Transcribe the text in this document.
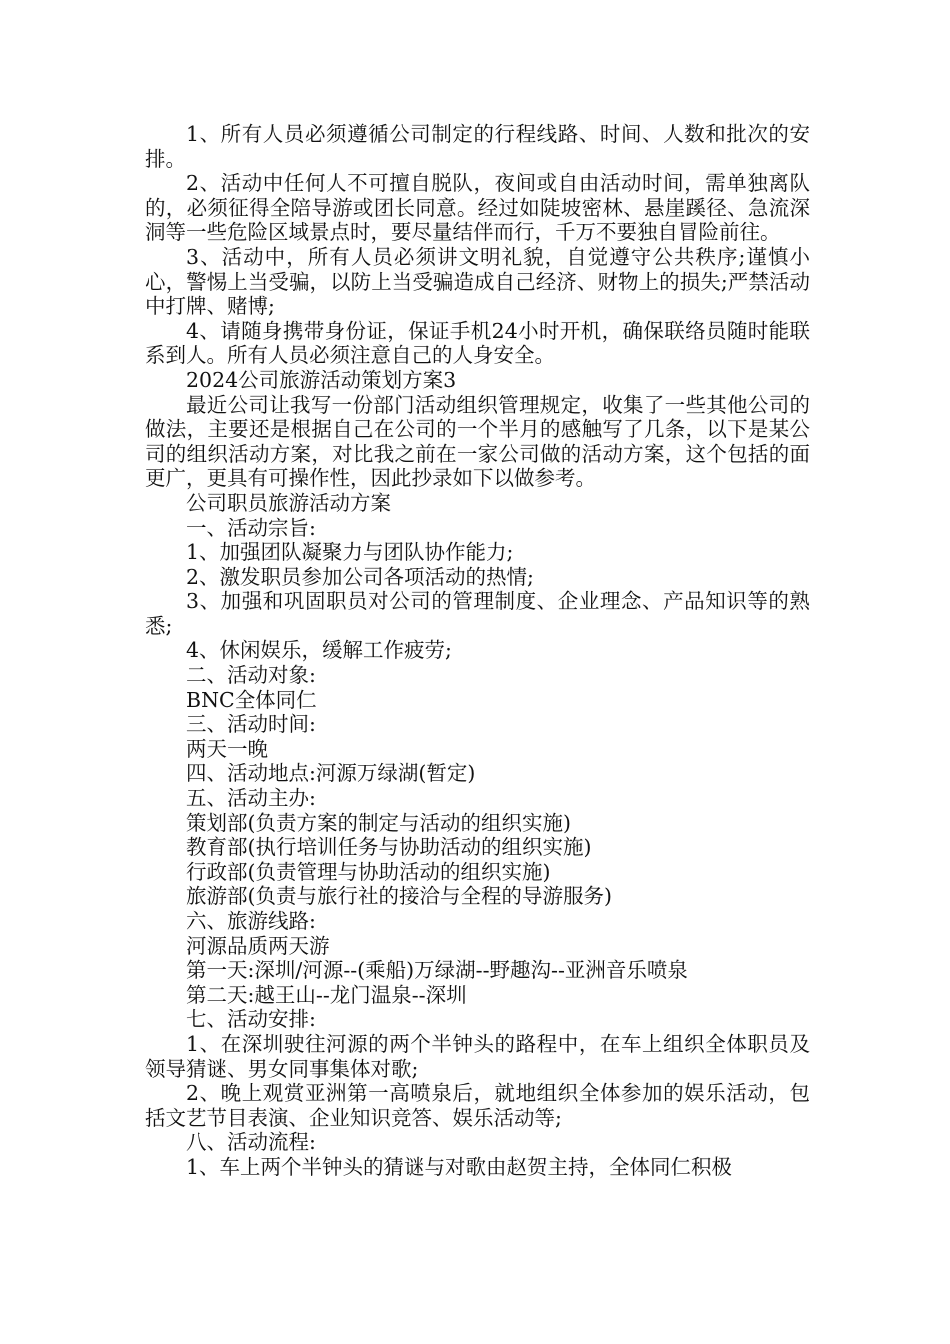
1、所有人员必须遵循公司制定的行程线路、时间、人数和批次的安排。

2、活动中任何人不可擅自脱队，夜间或自由活动时间，需单独离队的，必须征得全陪导游或团长同意。经过如陡坡密林、悬崖蹊径、急流深洞等一些危险区域景点时，要尽量结伴而行，千万不要独自冒险前往。

3、活动中，所有人员必须讲文明礼貌，自觉遵守公共秩序;谨慎小心，警惕上当受骗，以防上当受骗造成自己经济、财物上的损失;严禁活动中打牌、赌博;

4、请随身携带身份证，保证手机24小时开机，确保联络员随时能联系到人。所有人员必须注意自己的人身安全。

2024公司旅游活动策划方案3

最近公司让我写一份部门活动组织管理规定，收集了一些其他公司的做法，主要还是根据自己在公司的一个半月的感触写了几条，以下是某公司的组织活动方案，对比我之前在一家公司做的活动方案，这个包括的面更广，更具有可操作性，因此抄录如下以做参考。

公司职员旅游活动方案

一、活动宗旨:

1、加强团队凝聚力与团队协作能力;

2、激发职员参加公司各项活动的热情;

3、加强和巩固职员对公司的管理制度、企业理念、产品知识等的熟悉;

4、休闲娱乐，缓解工作疲劳;

二、活动对象:

BNC全体同仁

三、活动时间:

两天一晚

四、活动地点:河源万绿湖(暂定)

五、活动主办:

策划部(负责方案的制定与活动的组织实施)

教育部(执行培训任务与协助活动的组织实施)

行政部(负责管理与协助活动的组织实施)

旅游部(负责与旅行社的接洽与全程的导游服务)

六、旅游线路:

河源品质两天游

第一天:深圳/河源--(乘船)万绿湖--野趣沟--亚洲音乐喷泉

第二天:越王山--龙门温泉--深圳

七、活动安排:

1、在深圳驶往河源的两个半钟头的路程中，在车上组织全体职员及领导猜谜、男女同事集体对歌;

2、晚上观赏亚洲第一高喷泉后，就地组织全体参加的娱乐活动，包括文艺节目表演、企业知识竞答、娱乐活动等;

八、活动流程:

1、车上两个半钟头的猜谜与对歌由赵贺主持，全体同仁积极
